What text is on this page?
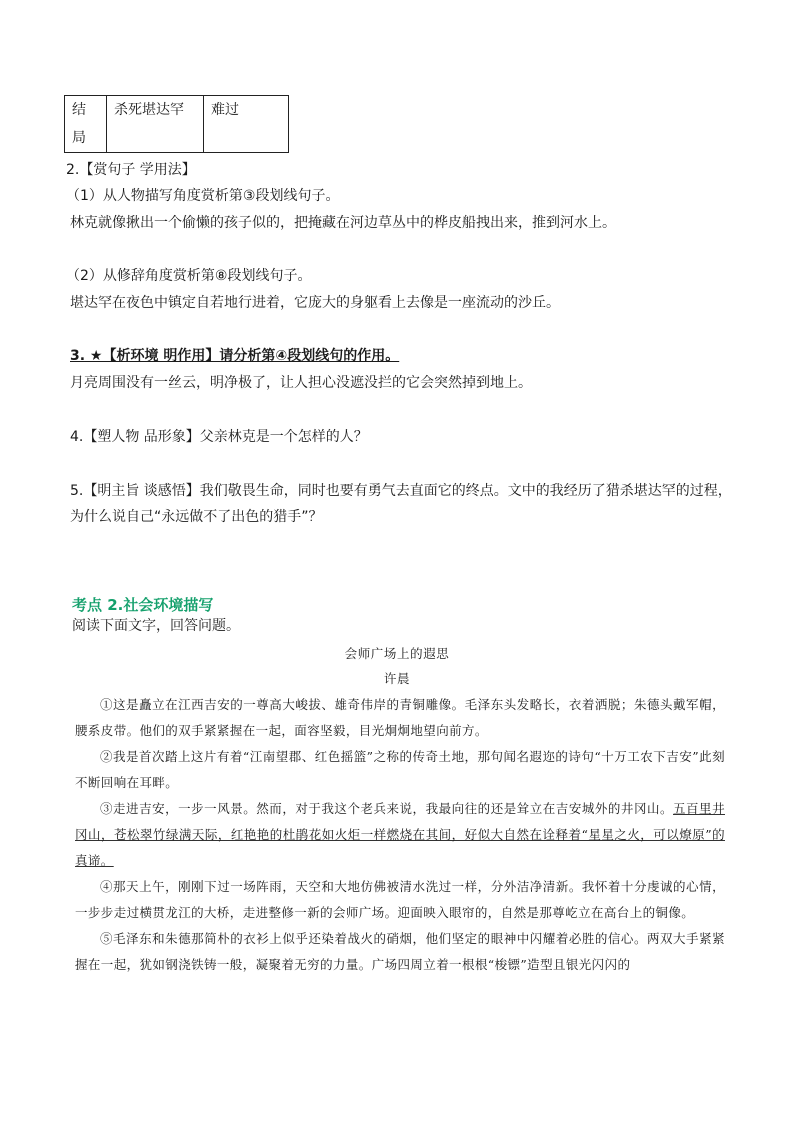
结局	杀死堪达罕	难过
2.【赏句子 学用法】
（1）从人物描写角度赏析第③段划线句子。
林克就像揪出一个偷懒的孩子似的，把掩藏在河边草丛中的桦皮船拽出来，推到河水上。
（2）从修辞角度赏析第⑧段划线句子。
堪达罕在夜色中镇定自若地行进着，它庞大的身躯看上去像是一座流动的沙丘。
3. ★【析环境 明作用】请分析第④段划线句的作用。
月亮周围没有一丝云，明净极了，让人担心没遮没拦的它会突然掉到地上。
4.【塑人物 品形象】父亲林克是一个怎样的人？
5.【明主旨 谈感悟】我们敬畏生命，同时也要有勇气去直面它的终点。文中的我经历了猎杀堪达罕的过程，
为什么说自己“永远做不了出色的猎手”？
考点 2.社会环境描写
阅读下面文字，回答问题。
会师广场上的遐思
许晨

①这是矗立在江西吉安的一尊高大峻拔、雄奇伟岸的青铜雕像。毛泽东头发略长，衣着洒脱；朱德头戴军帽，腰系皮带。他们的双手紧紧握在一起，面容坚毅，目光炯炯地望向前方。

②我是首次踏上这片有着“江南望郡、红色摇篮”之称的传奇土地，那句闻名遐迩的诗句“十万工农下吉安”此刻不断回响在耳畔。

③走进吉安，一步一风景。然而，对于我这个老兵来说，我最向往的还是耸立在吉安城外的井冈山。五百里井冈山，苍松翠竹绿满天际，红艳艳的杜鹃花如火炬一样燃烧在其间，好似大自然在诠释着“星星之火，可以燎原”的真谛。

④那天上午，刚刚下过一场阵雨，天空和大地仿佛被清水洗过一样，分外洁净清新。我怀着十分虔诚的心情，一步步走过横贯龙江的大桥，走进整修一新的会师广场。迎面映入眼帘的，自然是那尊屹立在高台上的铜像。

⑤毛泽东和朱德那简朴的衣衫上似乎还染着战火的硝烟，他们坚定的眼神中闪耀着必胜的信心。两双大手紧紧握在一起，犹如钢浇铁铸一般，凝聚着无穷的力量。广场四周立着一根根“梭镖”造型且银光闪闪的
